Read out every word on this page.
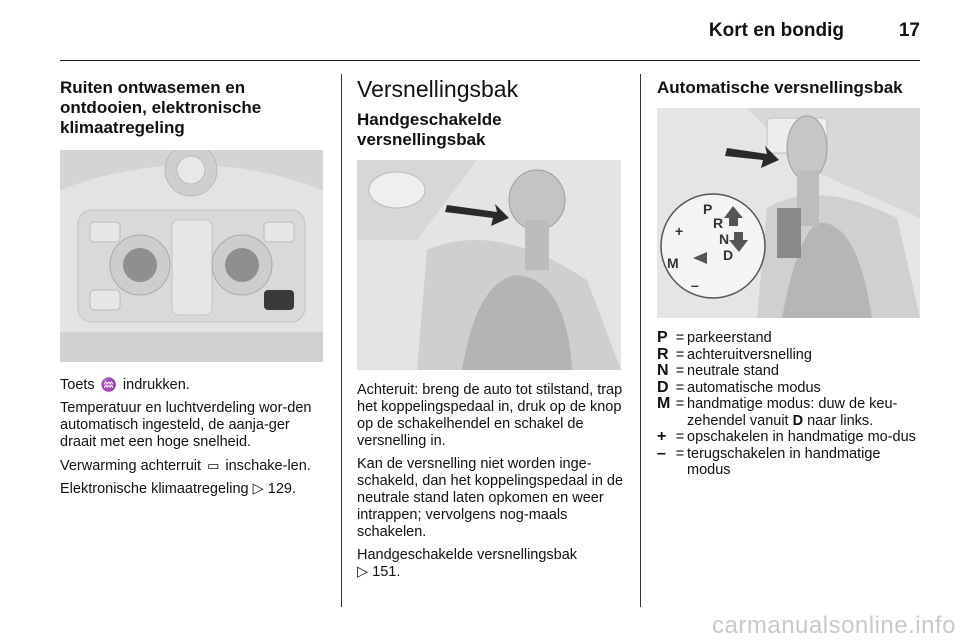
Kort en bondig	17
Ruiten ontwasemen en ontdooien, elektronische klimaatregeling

Toets ♒ indrukken.

Temperatuur en luchtverdeling wor-den automatisch ingesteld, de aanja-ger draait met een hoge snelheid.

Verwarming achterruit ▭ inschake-len.

Elektronische klimaatregeling ▷ 129.

Versnellingsbak
Handgeschakelde versnellingsbak

Achteruit: breng de auto tot stilstand, trap het koppelingspedaal in, druk op de knop op de schakelhendel en schakel de versnelling in.

Kan de versnelling niet worden inge-schakeld, dan het koppelingspedaal in de neutrale stand laten opkomen en weer intrappen; vervolgens nog-maals schakelen.

Handgeschakelde versnellingsbak
▷ 151.

Automatische versnellingsbak
P
R
N
D
M
+
–
P = parkeerstand
R = achteruitversnelling
N = neutrale stand
D = automatische modus
M = handmatige modus: duw de keu-zehendel vanuit D naar links.
+ = opschakelen in handmatige mo-dus
– = terugschakelen in handmatige modus
carmanualsonline.info
